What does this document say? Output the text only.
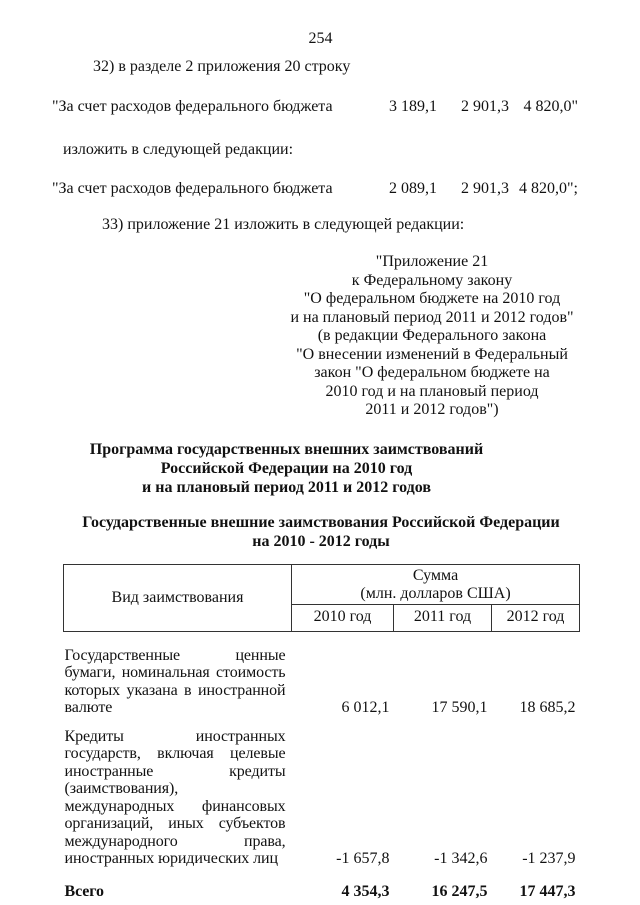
254

32) в разделе 2 приложения 20 строку

"За счет расходов федерального бюджета	3 189,1	2 901,3 4 820,0"

изложить в следующей редакции:

"За счет расходов федерального бюджета	2 089,1	2 901,3 4 820,0";

33) приложение 21 изложить в следующей редакции:

"Приложение 21
к Федеральному закону
"О федеральном бюджете на 2010 год
и на плановый период 2011 и 2012 годов"
(в редакции Федерального закона
"О внесении изменений в Федеральный
закон "О федеральном бюджете на
2010 год и на плановый период
2011 и 2012 годов")
Программа государственных внешних заимствований
Российской Федерации на 2010 год
и на плановый период 2011 и 2012 годов
Государственные внешние заимствования Российской Федерации
на 2010 - 2012 годы
Вид заимствования	Сумма
(млн. долларов США)		

	2010 год	2011 год	2012 год
Государственные ценные бумаги, номинальная стоимость которых указана в иностранной валюте	6 012,1	17 590,1	18 685,2
Кредиты иностранных государств, включая целевые иностранные кредиты (заимствования), международных финансовых организаций, иных субъектов международного права, иностранных юридических лиц	-1 657,8	-1 342,6	-1 237,9
Всего	4 354,3	16 247,5	17 447,3
